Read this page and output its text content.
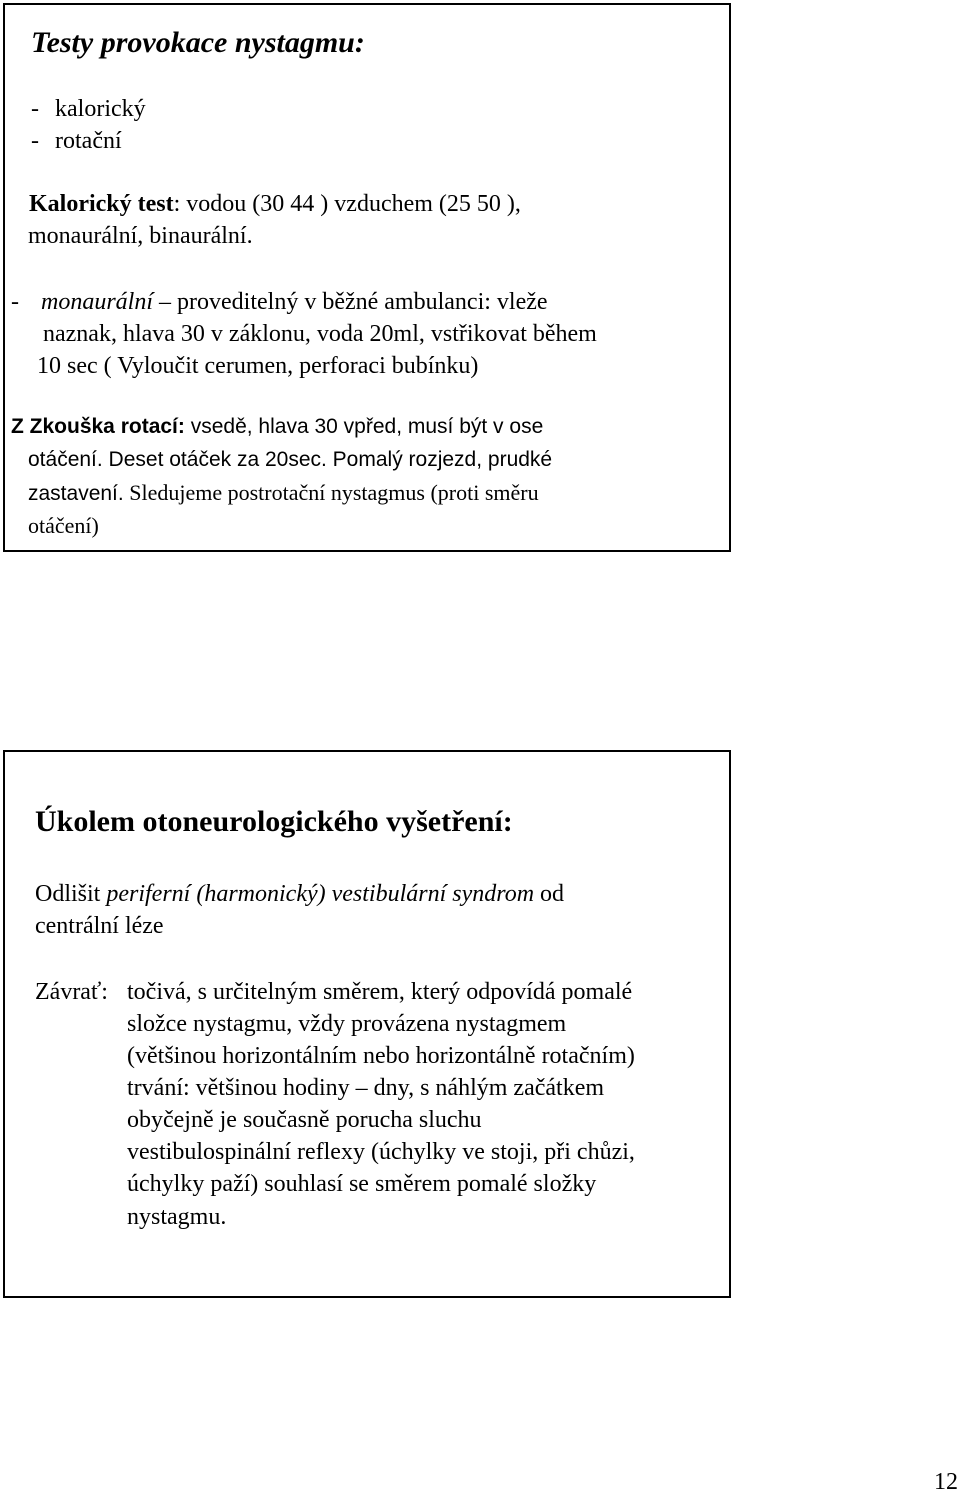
Testy provokace nystagmu:
- kalorický
- rotační
Kalorický test: vodou (30 44 ) vzduchem (25 50 ),
monaurální, binaurální.
- monaurální – proveditelný v běžné ambulanci: vleže
naznak, hlava 30 v záklonu, voda 20ml, vstřikovat během
10 sec ( Vyloučit cerumen, perforaci bubínku)
Z Zkouška rotací: vsedě, hlava 30 vpřed, musí být v ose
otáčení. Deset otáček za 20sec. Pomalý rozjezd, prudké
zastavení. Sledujeme postrotační nystagmus (proti směru
otáčení)
Úkolem otoneurologického vyšetření:
Odlišit periferní (harmonický) vestibulární syndrom od
centrální léze
Závrať: točivá, s určitelným směrem, který odpovídá pomalé
složce nystagmu, vždy provázena nystagmem
(většinou horizontálním nebo horizontálně rotačním)
trvání: většinou hodiny – dny, s náhlým začátkem
obyčejně je současně porucha sluchu
vestibulospinální reflexy (úchylky ve stoji, při chůzi,
úchylky paží) souhlasí se směrem pomalé složky
nystagmu.
12
